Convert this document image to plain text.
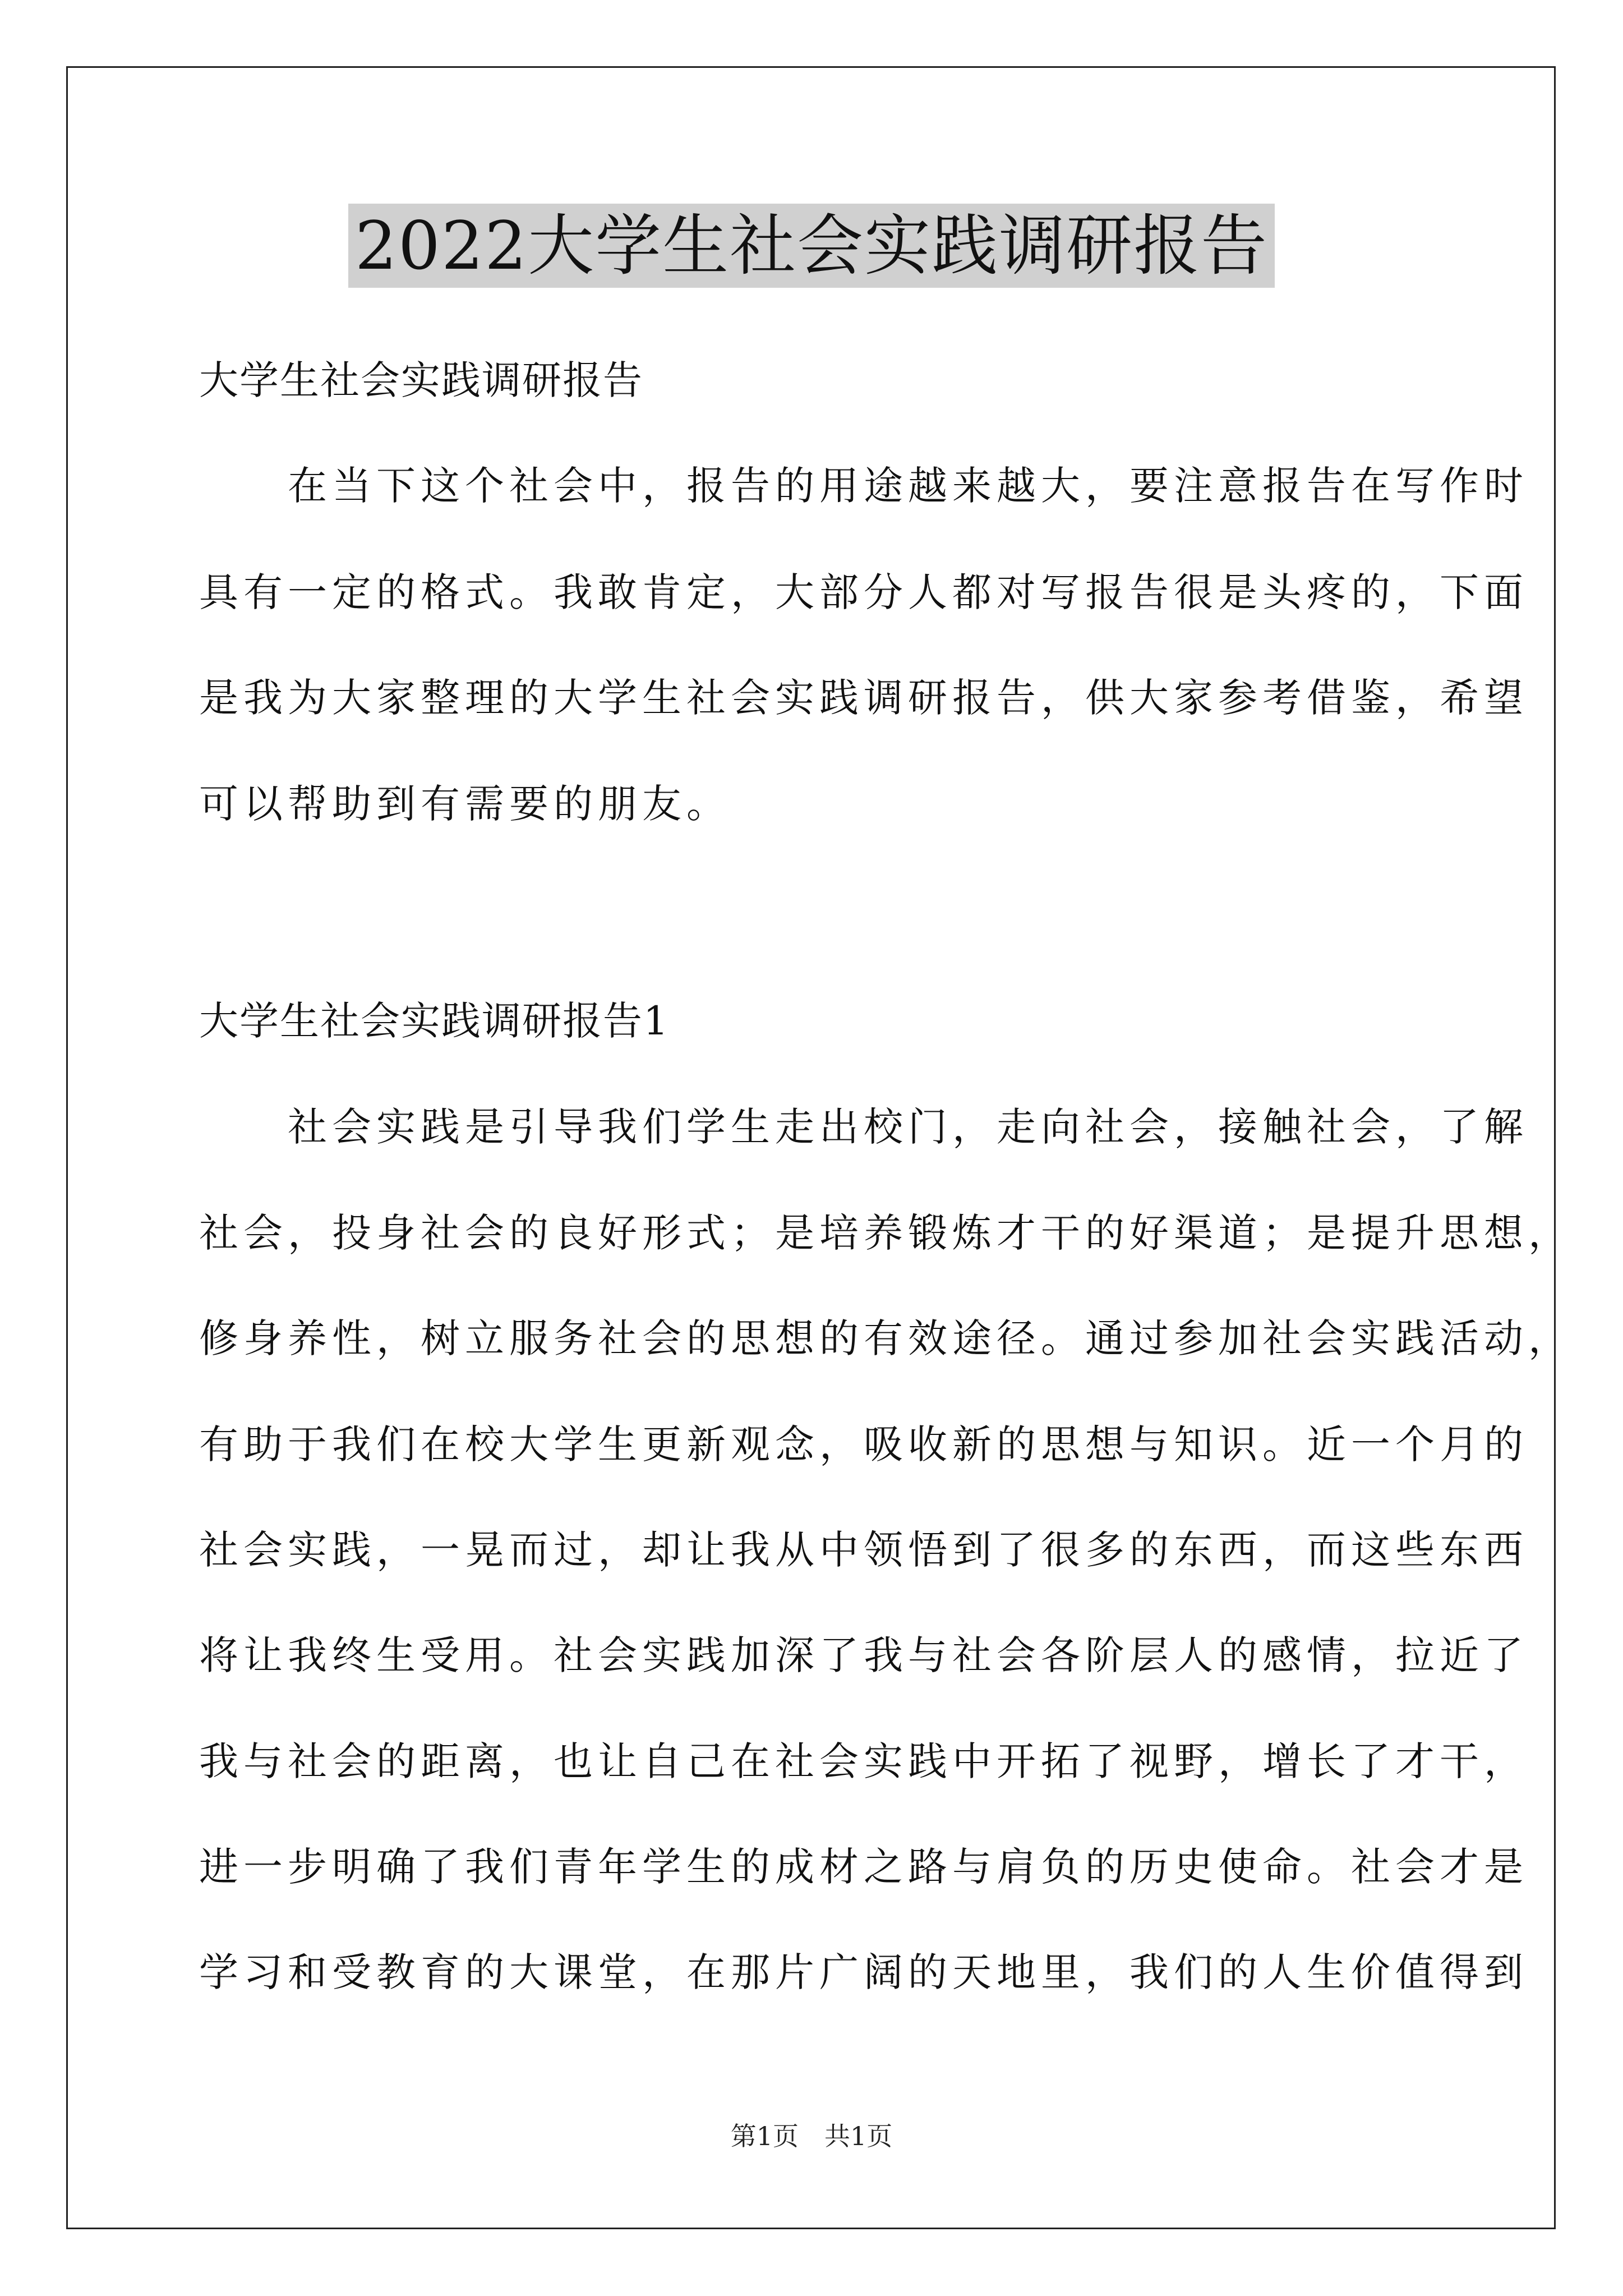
2022大学生社会实践调研报告
大学生社会实践调研报告
　　在当下这个社会中，报告的用途越来越大，要注意报告在写作时
具有一定的格式。我敢肯定，大部分人都对写报告很是头疼的，下面
是我为大家整理的大学生社会实践调研报告，供大家参考借鉴，希望
可以帮助到有需要的朋友。
大学生社会实践调研报告1
　　社会实践是引导我们学生走出校门，走向社会，接触社会，了解
社会，投身社会的良好形式；是培养锻炼才干的好渠道；是提升思想，
修身养性，树立服务社会的思想的有效途径。通过参加社会实践活动，
有助于我们在校大学生更新观念，吸收新的思想与知识。近一个月的
社会实践，一晃而过，却让我从中领悟到了很多的东西，而这些东西
将让我终生受用。社会实践加深了我与社会各阶层人的感情，拉近了
我与社会的距离，也让自己在社会实践中开拓了视野，增长了才干，
进一步明确了我们青年学生的成材之路与肩负的历史使命。社会才是
学习和受教育的大课堂，在那片广阔的天地里，我们的人生价值得到
第1页 共1页
